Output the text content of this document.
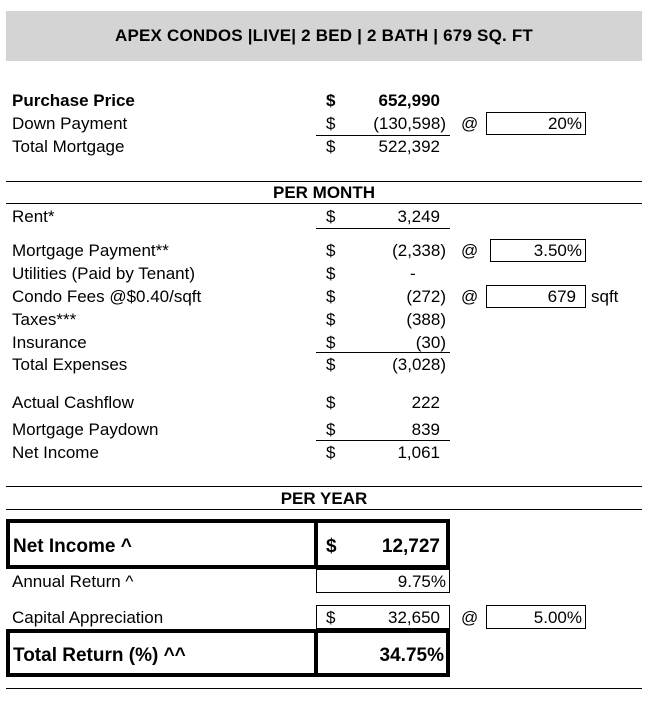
APEX CONDOS |LIVE| 2 BED | 2 BATH | 679 SQ. FT
Purchase Price	$	652,990
Down Payment	$	(130,598) @	20%
Total Mortgage	$	522,392
PER MONTH
Rent*	$	3,249
Mortgage Payment**	$	(2,338) @	3.50%
Utilities (Paid by Tenant)	$	-
Condo Fees @$0.40/sqft	$	(272) @	679 sqft
Taxes***	$	(388)
Insurance	$	(30)
Total Expenses	$	(3,028)
Actual Cashflow	$	222
Mortgage Paydown	$	839
Net Income	$	1,061
PER YEAR
Net Income ^	$	12,727
Annual Return ^	9.75%
Capital Appreciation	$	32,650 @	5.00%
Total Return (%) ^^	34.75%
